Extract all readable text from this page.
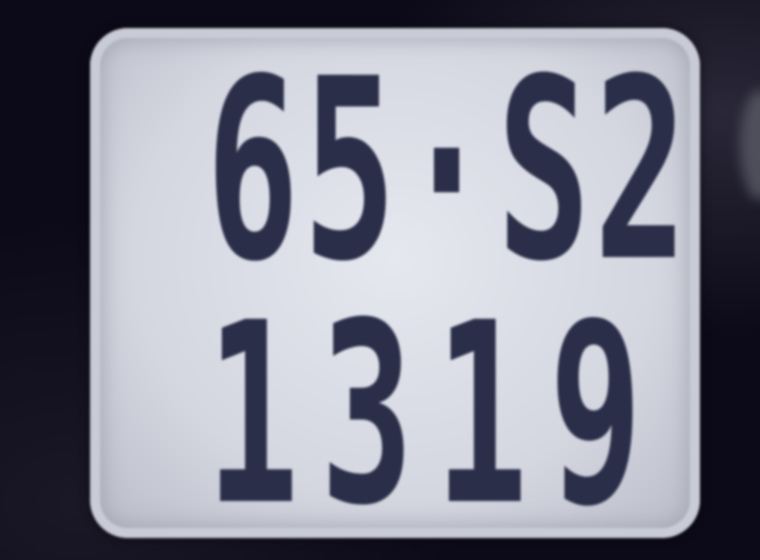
65·S2
1319
